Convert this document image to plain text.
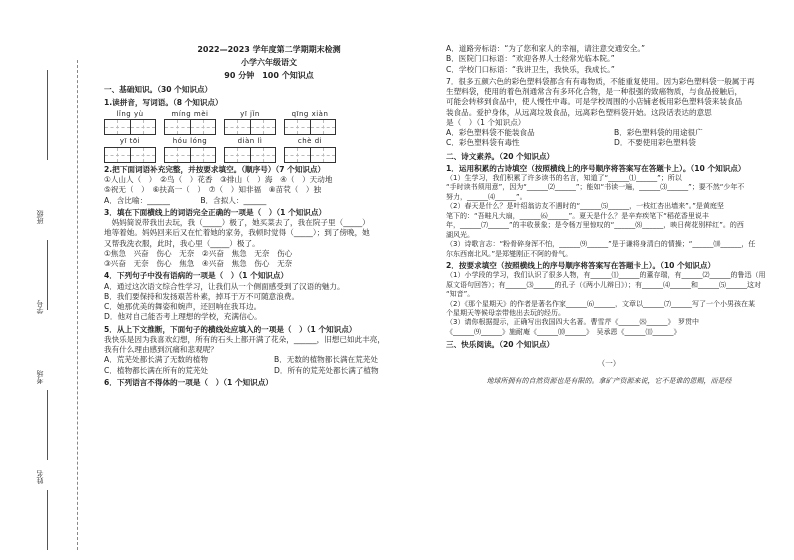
班级
学号
考场
姓名
2022—2023 学年度第二学期期末检测
小学六年级语文
90 分钟　100 个知识点
一、基础知识。（30 个知识点）
1.读拼音，写词语。（8 个知识点）
lǐng yù	míng mèi	yī jǐn	qīng xiàn
yī tōi	hóu lóng	diàn lì	chè di
2.把下面词语补充完整，并按要求填空。（顺序号）（7 个知识点）
①人山人（　）　②鸟（　）花香　③排山（　）海　④（　）天动地
⑤祝无（　）　⑥扶高一（　）　⑦（　）知非福　⑧苗茕（　）独
A．含比喻：______　　　　B．含拟人：______
3．填在下面横线上的词语完全正确的一项是（　）（1 个知识点）
　妈妈简说带我出去玩，我（_____）极了，她买菜去了，我在院子里（_____）
地等着她。妈妈回来后又在忙着她的家务，我顿时觉得（_____）；到了傍晚，她
又帮我洗衣服，此时，我心里（_____）极了。
①焦急　兴奋　伤心　无奈　②兴奋　焦急　无奈　伤心
③兴奋　无奈　伤心　焦急　④兴奋　焦急　伤心　无奈
4．下列句子中没有语病的一项是（　）（1 个知识点）
A．通过这次语文综合性学习，让我们从一个侧面感受到了汉语的魅力。
B．我们要保持和发扬艰苦朴素，掉耳于万不可随意浪费。
C．她那优美的舞姿和婉声，还回响在我耳边。
D．他对自己能否考上理想的学校，充满信心。
5．从上下文推断，下面句子的横线处应填入的一项是（　）（1 个知识点）
我快乐是因为我喜欢幻想，所有的石头上都开满了花朵，______，旧想已如此丰亮，
我有什么理由感到沉痛和悲观呢？
A．荒芜处都长满了无数的植物	B．无数的植物都长满在荒芜处
C．植物都长满在所有的荒芜处	D．所有的荒芜处都长满了植物
6．下列语言不得体的一项是（　）（1 个知识点）
A．道路旁标语：“为了您和家人的幸福，请注意交通安全。”
B．医院门口标语：“欢迎各界人士经常光临本院。”
C．学校门口标语：“我讲卫生，我快乐，我成长。”
7．很多五颜六色的彩色塑料袋都含有有毒物质，不能重复使用。因为彩色塑料袋一般属于再
生塑料袋，使用的着色剂通常含有多环化合物，是一种很强的致癌物质，与食品接触后，
可能会转移到食品中，使人慢性中毒。可是学校周围的小店铺老板用彩色塑料袋来装食品
装食品。爱护身体，从远离垃圾食品，远离彩色塑料袋开始。这段话表达的意思
是（　）（1 个知识点）
A．彩色塑料袋不能装食品	B．彩色塑料袋的用途很广
C．彩色塑料袋有毒性	D．不要使用彩色塑料袋
二、诗文素养。（20 个知识点）
1．运用积累的古诗填空（按照横线上的序号顺序将答案写在答题卡上）。（10 个知识点）
（1）生学习，我们积累了许多读书的名言，知道了“______⑴______”；所以
“手时读书须用意”，因为“______⑵______”；能如“书读一遍，______⑶______”；要不然“少年不
努力，______⑷______”。
（2）春天是什么？是叶绍翁访友不遇时的“______⑸______，一枝红杏出墙来”。”是黄庭坚
笔下的：“吾畦凡大扇，______⑹______”。夏天是什么？是辛弃疾笔下“稻花香里说丰
年，______⑺______”的丰收景象；是令杨万里惊叹的“______⑻______，映日荷花别样红”。的西
湖风光。
（3）诗歌言志：“粉骨碎身浑不怕，______⑼______”是于谦将身清白的情操；“______⑽______，任
尔东西南北风。”是郑燮刚正不阿的骨气。
2．按要求填空（按照横线上的序号顺序将答案写在答题卡上）。（10 个知识点）
（1）小学段的学习，我们认识了很多人物，有______⑴______的董存瑞，有______⑵______的鲁迅（用
原文语句回答）；有______⑶______的孔子（《两小儿辩日》）；有______⑷______和______⑸______这对
“知音”。
（2）《那个星期天》的作者是著名作家______⑹______，文章以______⑺______写了一个小男孩在某
个星期天等候母亲带他出去玩的经历。
（3）请你根据提示，正确写出我国四大名著。曹雪芹《______⑻______》　罗贯中
《______⑼______》施耐庵《______⑽______》　吴承恩《______⑾______》
三、快乐阅读。（20 个知识点）
（一）
地球所拥有的自然资源也是有限的。拿矿产资源来说，它不是谁的恩赐，而是经
